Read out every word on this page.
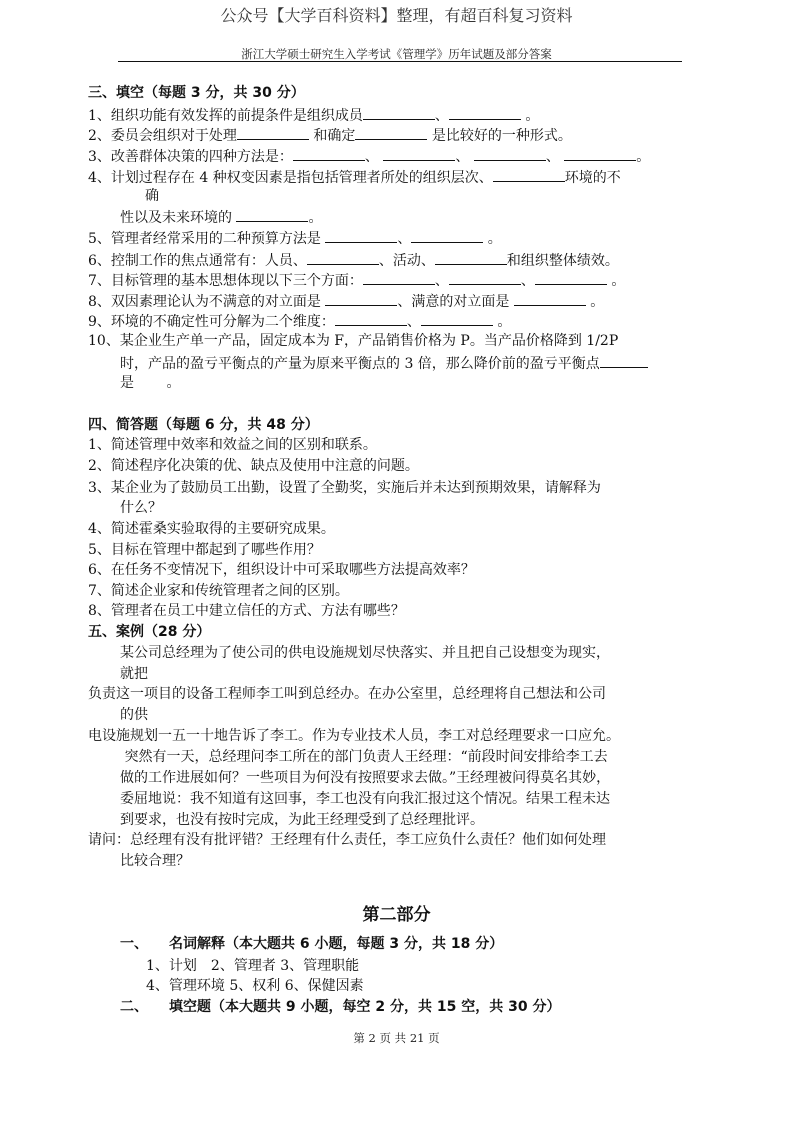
公众号【大学百科资料】整理，有超百科复习资料
浙江大学硕士研究生入学考试《管理学》历年试题及部分答案
三、填空（每题 3 分，共 30 分）
1、组织功能有效发挥的前提条件是组织成员	、	。
2、委员会组织对于处理	和确定	是比较好的一种形式。
3、改善群体决策的四种方法是：	、	、	、	。
4、计划过程存在 4 种权变因素是指包括管理者所处的组织层次、	环境的不
确
性以及未来环境的	。
5、管理者经常采用的二种预算方法是	、	。
6、控制工作的焦点通常有：人员、	、活动、	和组织整体绩效。
7、目标管理的基本思想体现以下三个方面：	、	、	。
8、双因素理论认为不满意的对立面是	、满意的对立面是	。
9、环境的不确定性可分解为二个维度：	、	。
10、某企业生产单一产品，固定成本为 F，产品销售价格为 P。当产品价格降到 1/2P
时，产品的盈亏平衡点的产量为原来平衡点的 3 倍，那么降价前的盈亏平衡点
是　　 。
四、简答题（每题 6 分，共 48 分）
1、简述管理中效率和效益之间的区别和联系。
2、简述程序化决策的优、缺点及使用中注意的问题。
3、某企业为了鼓励员工出勤，设置了全勤奖，实施后并未达到预期效果，请解释为
什么？
4、简述霍桑实验取得的主要研究成果。
5、目标在管理中都起到了哪些作用？
6、在任务不变情况下，组织设计中可采取哪些方法提高效率？
7、简述企业家和传统管理者之间的区别。
8、管理者在员工中建立信任的方式、方法有哪些？
五、案例（28 分）
某公司总经理为了使公司的供电设施规划尽快落实、并且把自己设想变为现实，
就把
负责这一项目的设备工程师李工叫到总经办。在办公室里，总经理将自己想法和公司
的供
电设施规划一五一十地告诉了李工。作为专业技术人员，李工对总经理要求一口应允。
突然有一天，总经理问李工所在的部门负责人王经理：“前段时间安排给李工去
做的工作进展如何？一些项目为何没有按照要求去做。”王经理被问得莫名其妙，
委屈地说：我不知道有这回事，李工也没有向我汇报过这个情况。结果工程未达
到要求，也没有按时完成，为此王经理受到了总经理批评。
请问：总经理有没有批评错？王经理有什么责任，李工应负什么责任？他们如何处理
比较合理？
一、　　名词解释（本大题共 6 小题，每题 3 分，共 18 分）
1、计划　2、管理者 3、管理职能
4、管理环境 5、权利 6、保健因素
二、　　填空题（本大题共 9 小题，每空 2 分，共 15 空，共 30 分）
第二部分
第 2 页 共 21 页
